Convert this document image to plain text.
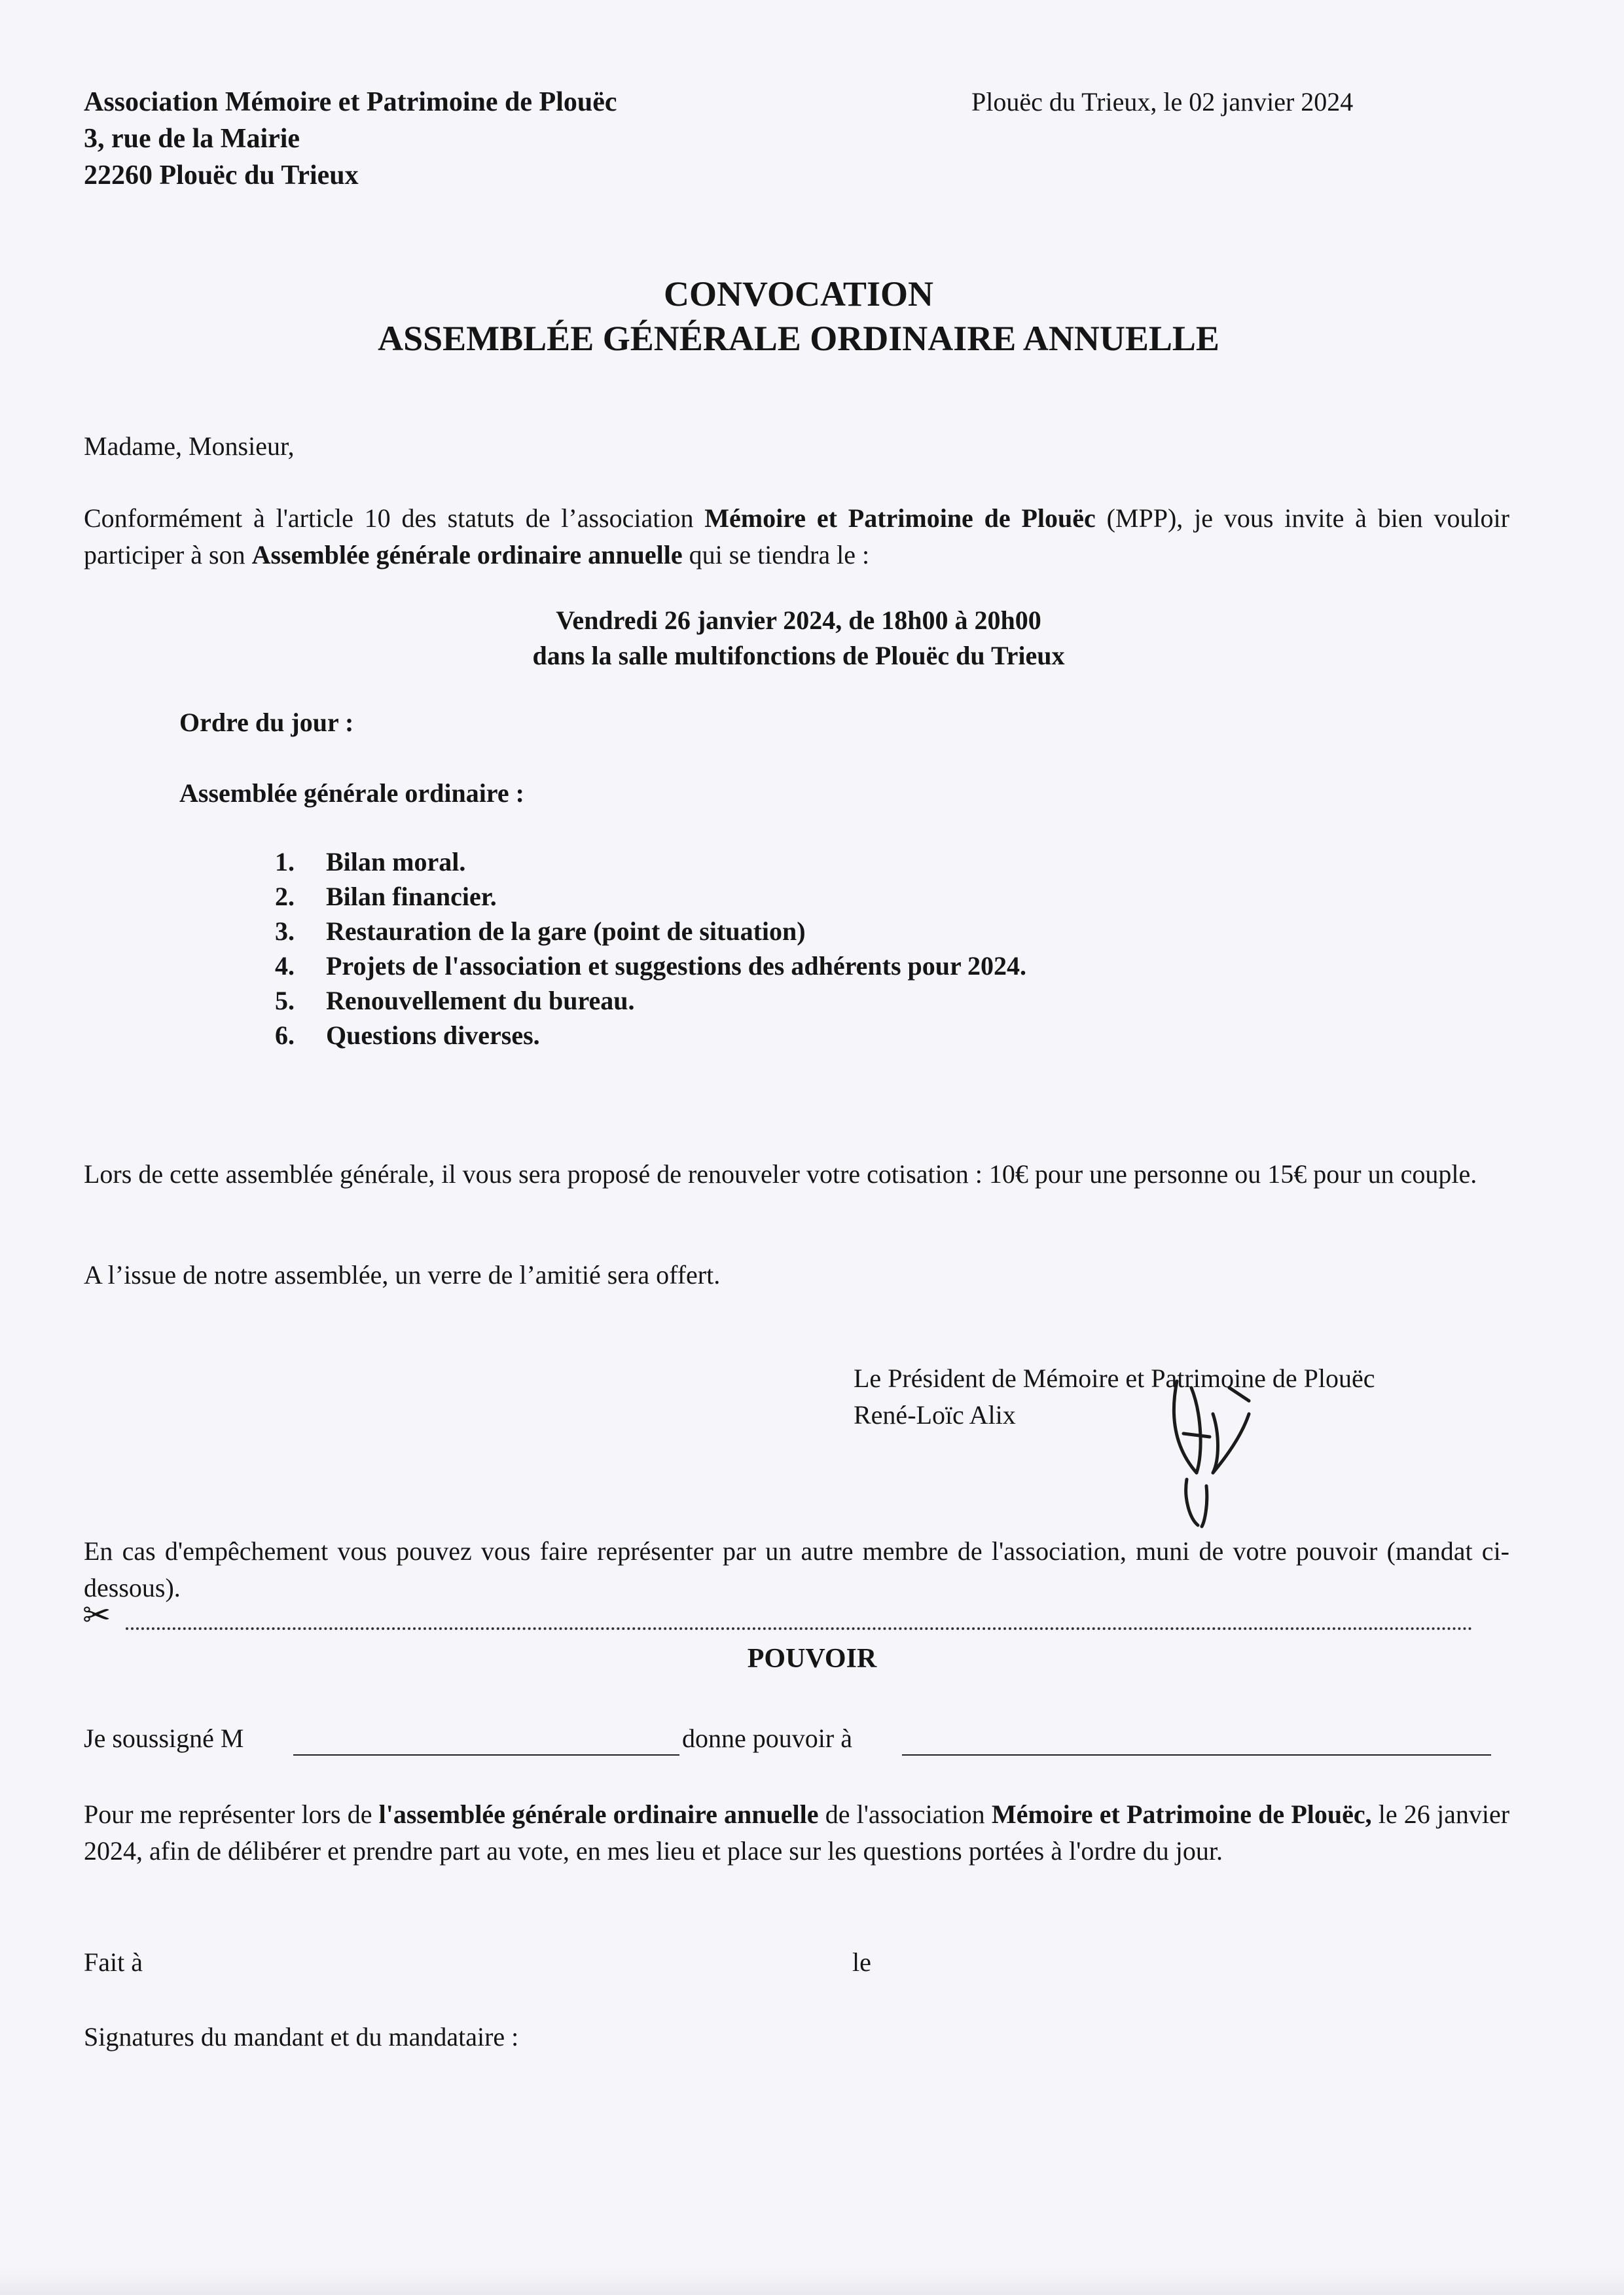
Association Mémoire et Patrimoine de Plouëc
3, rue de la Mairie
22260 Plouëc du Trieux
Plouëc du Trieux, le 02 janvier 2024
CONVOCATION
ASSEMBLÉE GÉNÉRALE ORDINAIRE ANNUELLE
Madame, Monsieur,
Conformément à l'article 10 des statuts de l’association Mémoire et Patrimoine de Plouëc (MPP), je vous invite à bien vouloir participer à son Assemblée générale ordinaire annuelle qui se tiendra le :
Vendredi 26 janvier 2024, de 18h00 à 20h00
dans la salle multifonctions de Plouëc du Trieux
Ordre du jour :
Assemblée générale ordinaire :
1. Bilan moral.
2. Bilan financier.
3. Restauration de la gare (point de situation)
4. Projets de l'association et suggestions des adhérents pour 2024.
5. Renouvellement du bureau.
6. Questions diverses.
Lors de cette assemblée générale, il vous sera proposé de renouveler votre cotisation : 10€ pour une personne ou 15€ pour un couple.
A l’issue de notre assemblée, un verre de l’amitié sera offert.
Le Président de Mémoire et Patrimoine de Plouëc
René-Loïc Alix
En cas d'empêchement vous pouvez vous faire représenter par un autre membre de l'association, muni de votre pouvoir (mandat ci-dessous).
✂
POUVOIR
Je soussigné M	donne pouvoir à
Pour me représenter lors de l'assemblée générale ordinaire annuelle de l'association Mémoire et Patrimoine de Plouëc, le 26 janvier 2024, afin de délibérer et prendre part au vote, en mes lieu et place sur les questions portées à l'ordre du jour.
Fait à	le
Signatures du mandant et du mandataire :
